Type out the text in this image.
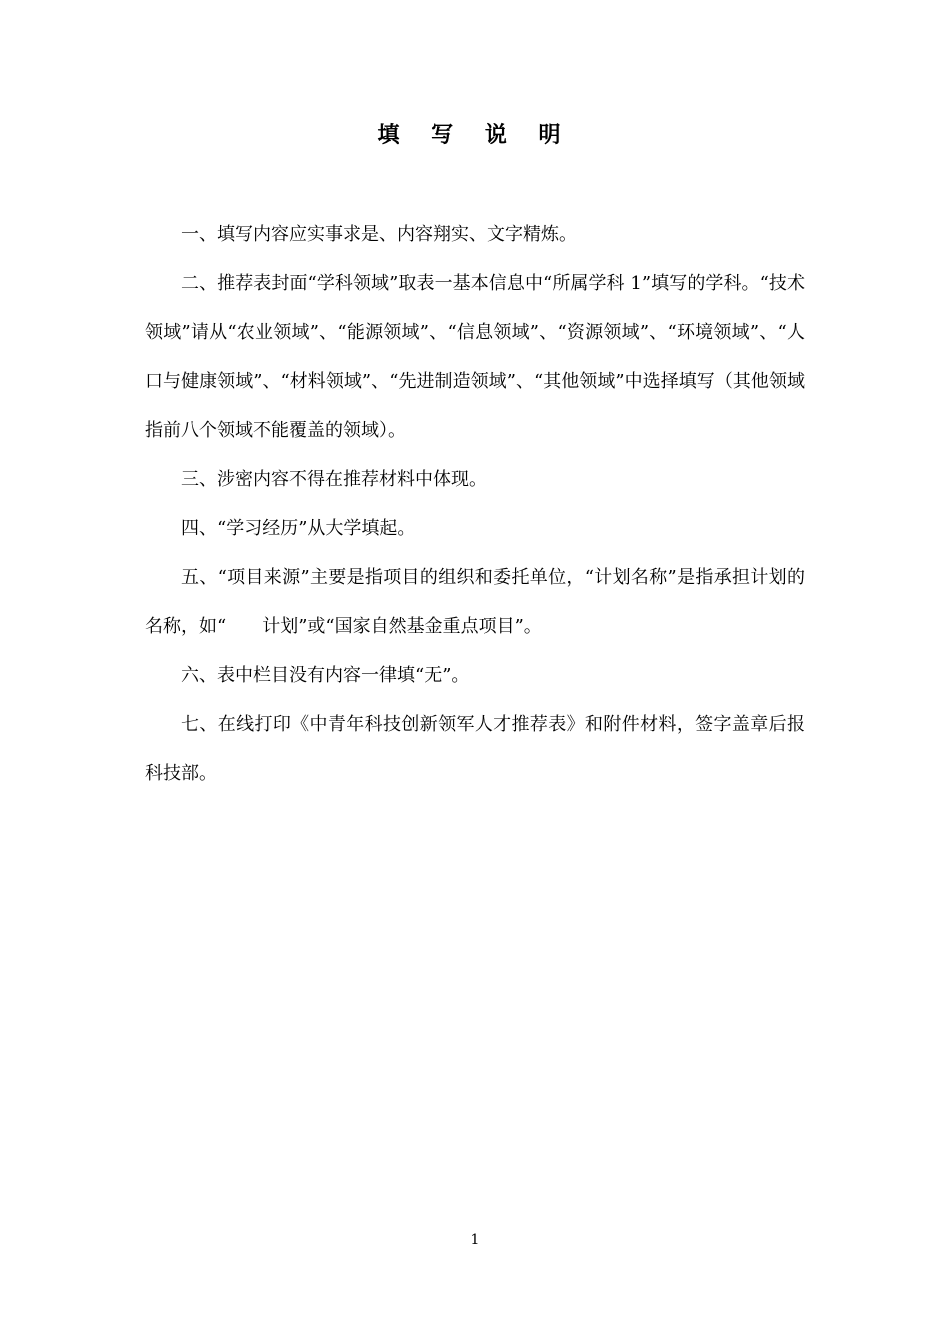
填 写 说 明

一、填写内容应实事求是、内容翔实、文字精炼。

二、推荐表封面“学科领域”取表一基本信息中“所属学科 1”填写的学科。“技术领域”请从“农业领域”、“能源领域”、“信息领域”、“资源领域”、“环境领域”、“人口与健康领域”、“材料领域”、“先进制造领域”、“其他领域”中选择填写（其他领域指前八个领域不能覆盖的领域）。

三、涉密内容不得在推荐材料中体现。

四、“学习经历”从大学填起。

五、“项目来源”主要是指项目的组织和委托单位，“计划名称”是指承担计划的名称，如“　　计划”或“国家自然基金重点项目”。

六、表中栏目没有内容一律填“无”。

七、在线打印《中青年科技创新领军人才推荐表》和附件材料，签字盖章后报科技部。

1
